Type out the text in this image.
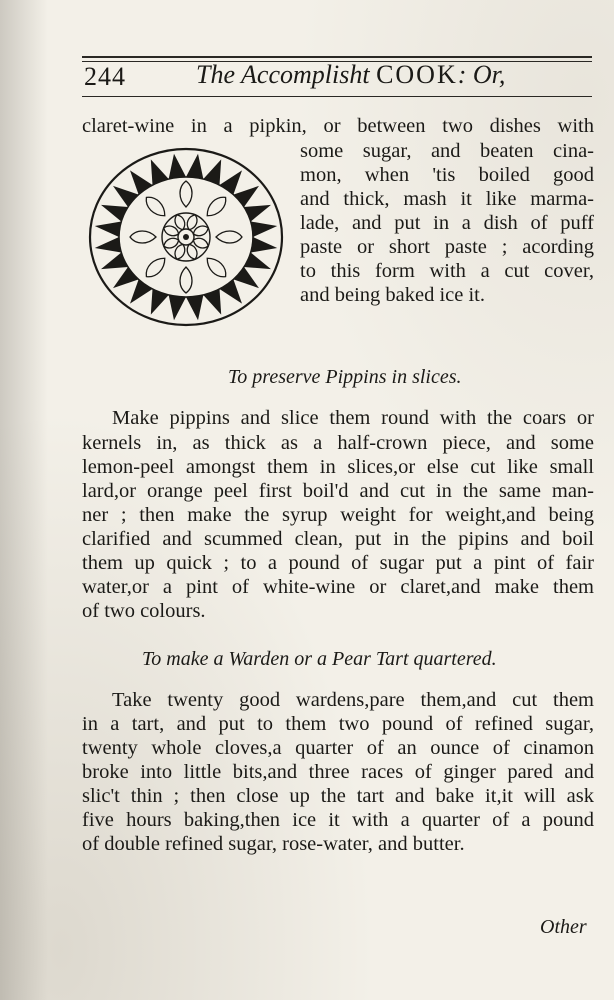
244	The Accomplisht COOK: Or,
claret-wine in a pipkin, or between two dishes with
some sugar, and beaten cina-
mon, when 'tis boiled good
and thick, mash it like marma-
lade, and put in a dish of puff
paste or short paste ; acording
to this form with a cut cover,
and being baked ice it.
To preserve Pippins in slices.
Make pippins and slice them round with the coars or
kernels in, as thick as a half-crown piece, and some
lemon-peel amongst them in slices,or else cut like small
lard,or orange peel first boil'd and cut in the same man-
ner ; then make the syrup weight for weight,and being
clarified and scummed clean, put in the pipins and boil
them up quick ; to a pound of sugar put a pint of fair
water,or a pint of white-wine or claret,and make them
of two colours.
To make a Warden or a Pear Tart quartered.
Take twenty good wardens,pare them,and cut them
in a tart, and put to them two pound of refined sugar,
twenty whole cloves,a quarter of an ounce of cinamon
broke into little bits,and three races of ginger pared and
slic't thin ; then close up the tart and bake it,it will ask
five hours baking,then ice it with a quarter of a pound
of double refined sugar, rose-water, and butter.
Other
